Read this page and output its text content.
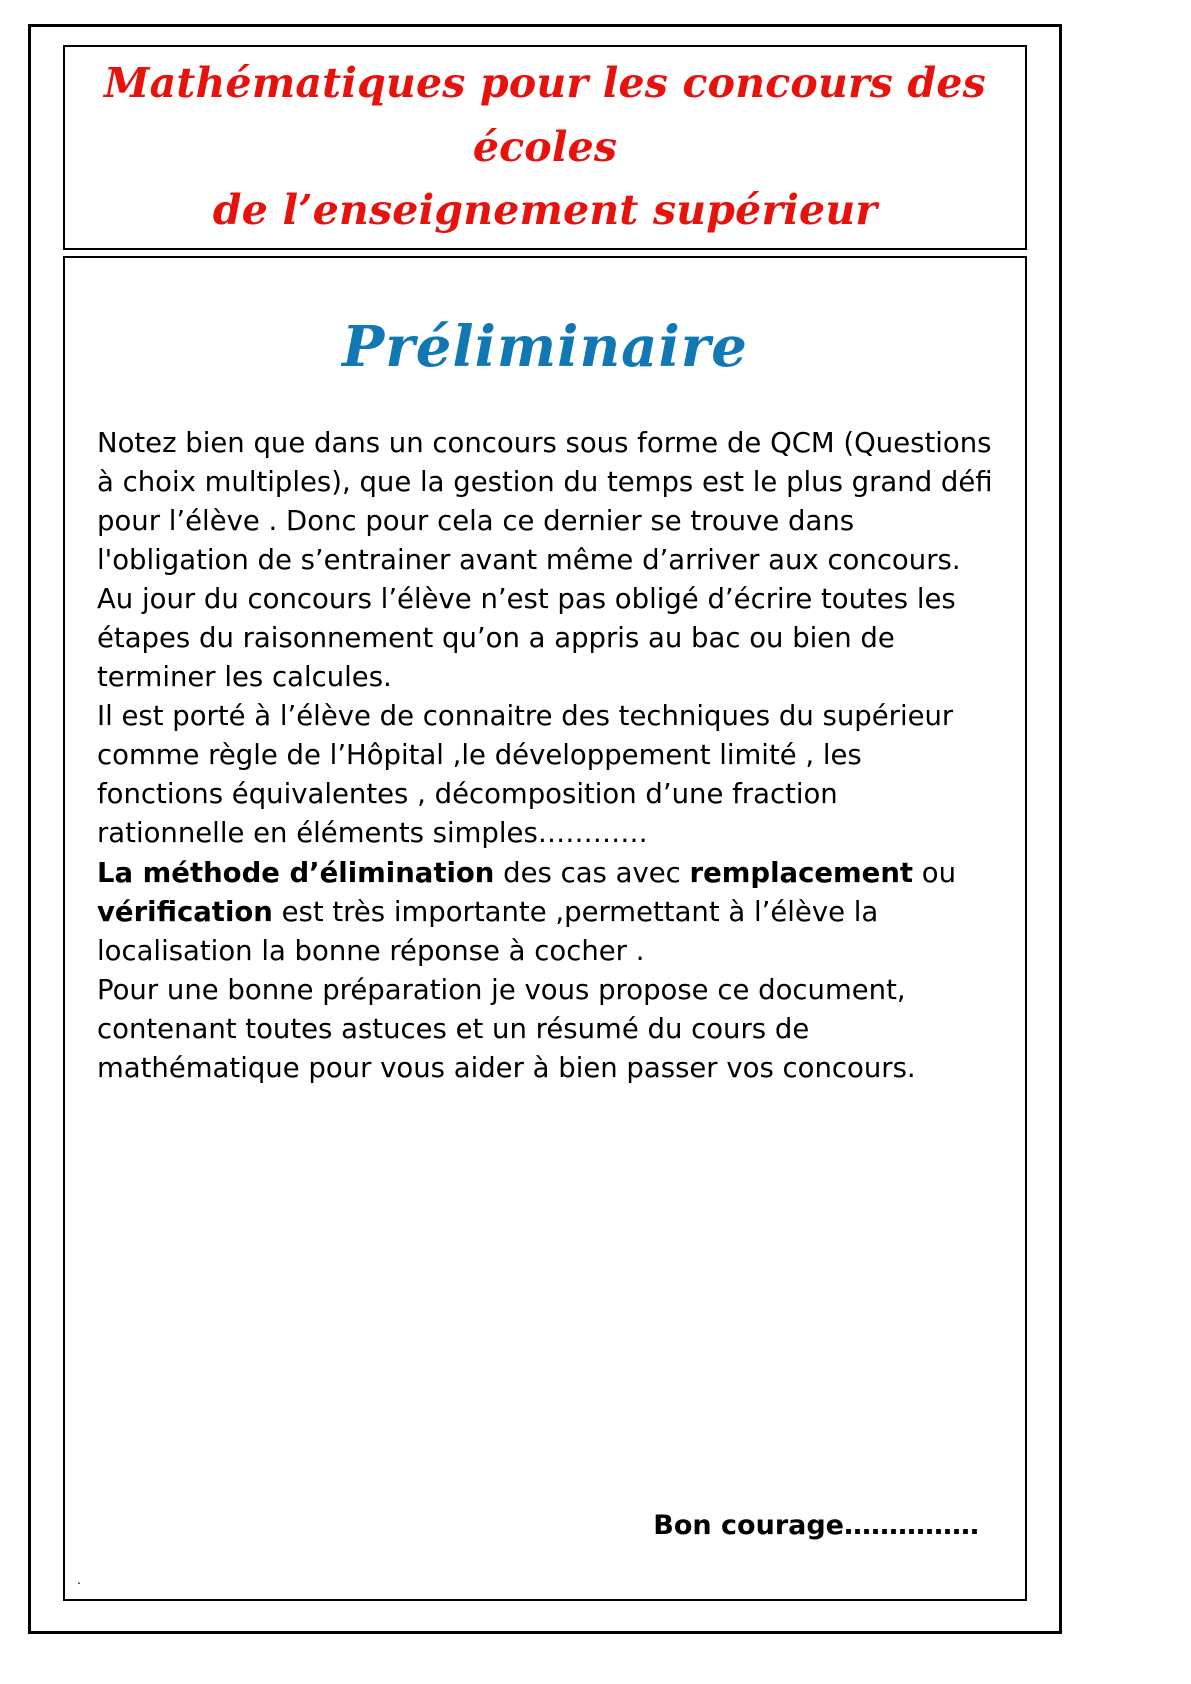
Mathématiques pour les concours des écoles
de l’enseignement supérieur
Préliminaire

Notez bien que dans un concours sous forme de QCM (Questions à choix multiples), que la gestion du temps est le plus grand défi pour l’élève . Donc pour cela ce dernier se trouve dans l'obligation de s’entrainer avant même d’arriver aux concours.

Au jour du concours l’élève n’est pas obligé d’écrire toutes les étapes du raisonnement qu’on a appris au bac ou bien de terminer les calcules.

Il est porté à l’élève de connaitre des techniques du supérieur comme règle de l’Hôpital ,le développement limité , les fonctions équivalentes , décomposition d’une fraction rationnelle en éléments simples…………

La méthode d’élimination des cas avec remplacement ou vérification est très importante ,permettant à l’élève la localisation la bonne réponse à cocher .

Pour une bonne préparation je vous propose ce document, contenant toutes astuces et un résumé du cours de mathématique pour vous aider à bien passer vos concours.

Bon courage……………
.
